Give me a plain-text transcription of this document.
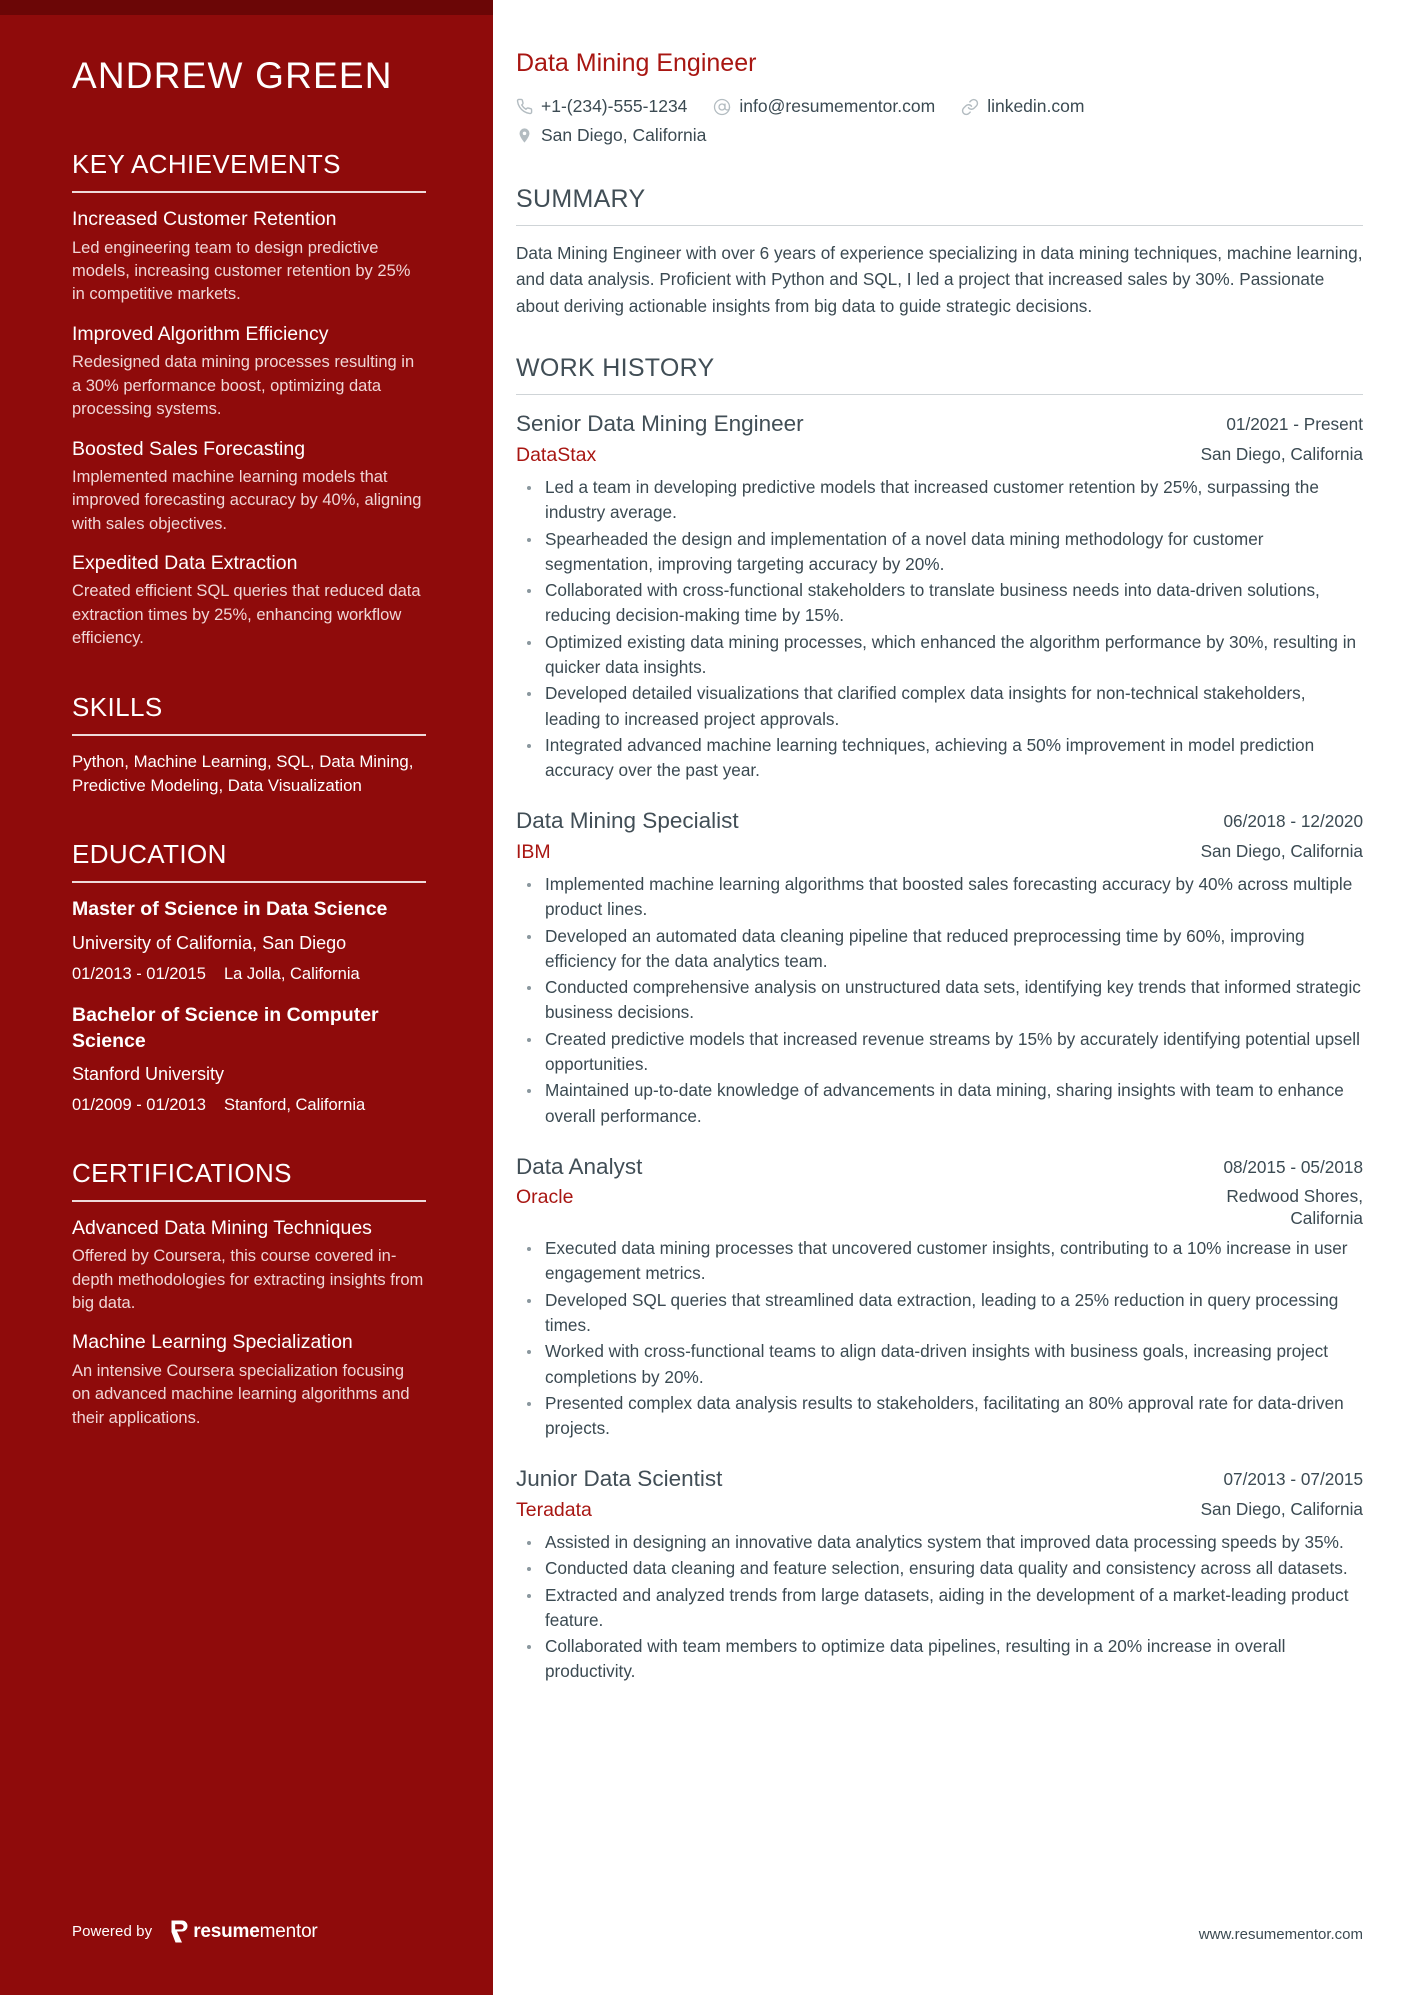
ANDREW GREEN
KEY ACHIEVEMENTS
Increased Customer Retention
Led engineering team to design predictive models, increasing customer retention by 25% in competitive markets.
Improved Algorithm Efficiency
Redesigned data mining processes resulting in a 30% performance boost, optimizing data processing systems.
Boosted Sales Forecasting
Implemented machine learning models that improved forecasting accuracy by 40%, aligning with sales objectives.
Expedited Data Extraction
Created efficient SQL queries that reduced data extraction times by 25%, enhancing workflow efficiency.
SKILLS
Python, Machine Learning, SQL, Data Mining, Predictive Modeling, Data Visualization
EDUCATION
Master of Science in Data Science
University of California, San Diego
01/2013 - 01/2015 La Jolla, California
Bachelor of Science in Computer Science
Stanford University
01/2009 - 01/2013 Stanford, California
CERTIFICATIONS
Advanced Data Mining Techniques
Offered by Coursera, this course covered in-depth methodologies for extracting insights from big data.
Machine Learning Specialization
An intensive Coursera specialization focusing on advanced machine learning algorithms and their applications.
Powered by resumementor
Data Mining Engineer
+1-(234)-555-1234	info@resumementor.com	linkedin.com
San Diego, California
SUMMARY

Data Mining Engineer with over 6 years of experience specializing in data mining techniques, machine learning, and data analysis. Proficient with Python and SQL, I led a project that increased sales by 30%. Passionate about deriving actionable insights from big data to guide strategic decisions.

WORK HISTORY
Senior Data Mining Engineer	01/2021 - Present
DataStax	San Diego, California
Led a team in developing predictive models that increased customer retention by 25%, surpassing the industry average.
Spearheaded the design and implementation of a novel data mining methodology for customer segmentation, improving targeting accuracy by 20%.
Collaborated with cross-functional stakeholders to translate business needs into data-driven solutions, reducing decision-making time by 15%.
Optimized existing data mining processes, which enhanced the algorithm performance by 30%, resulting in quicker data insights.
Developed detailed visualizations that clarified complex data insights for non-technical stakeholders, leading to increased project approvals.
Integrated advanced machine learning techniques, achieving a 50% improvement in model prediction accuracy over the past year.
Data Mining Specialist	06/2018 - 12/2020
IBM	San Diego, California
Implemented machine learning algorithms that boosted sales forecasting accuracy by 40% across multiple product lines.
Developed an automated data cleaning pipeline that reduced preprocessing time by 60%, improving efficiency for the data analytics team.
Conducted comprehensive analysis on unstructured data sets, identifying key trends that informed strategic business decisions.
Created predictive models that increased revenue streams by 15% by accurately identifying potential upsell opportunities.
Maintained up-to-date knowledge of advancements in data mining, sharing insights with team to enhance overall performance.
Data Analyst	08/2015 - 05/2018
Oracle	Redwood Shores, California
Executed data mining processes that uncovered customer insights, contributing to a 10% increase in user engagement metrics.
Developed SQL queries that streamlined data extraction, leading to a 25% reduction in query processing times.
Worked with cross-functional teams to align data-driven insights with business goals, increasing project completions by 20%.
Presented complex data analysis results to stakeholders, facilitating an 80% approval rate for data-driven projects.
Junior Data Scientist	07/2013 - 07/2015
Teradata	San Diego, California
Assisted in designing an innovative data analytics system that improved data processing speeds by 35%.
Conducted data cleaning and feature selection, ensuring data quality and consistency across all datasets.
Extracted and analyzed trends from large datasets, aiding in the development of a market-leading product feature.
Collaborated with team members to optimize data pipelines, resulting in a 20% increase in overall productivity.
www.resumementor.com
